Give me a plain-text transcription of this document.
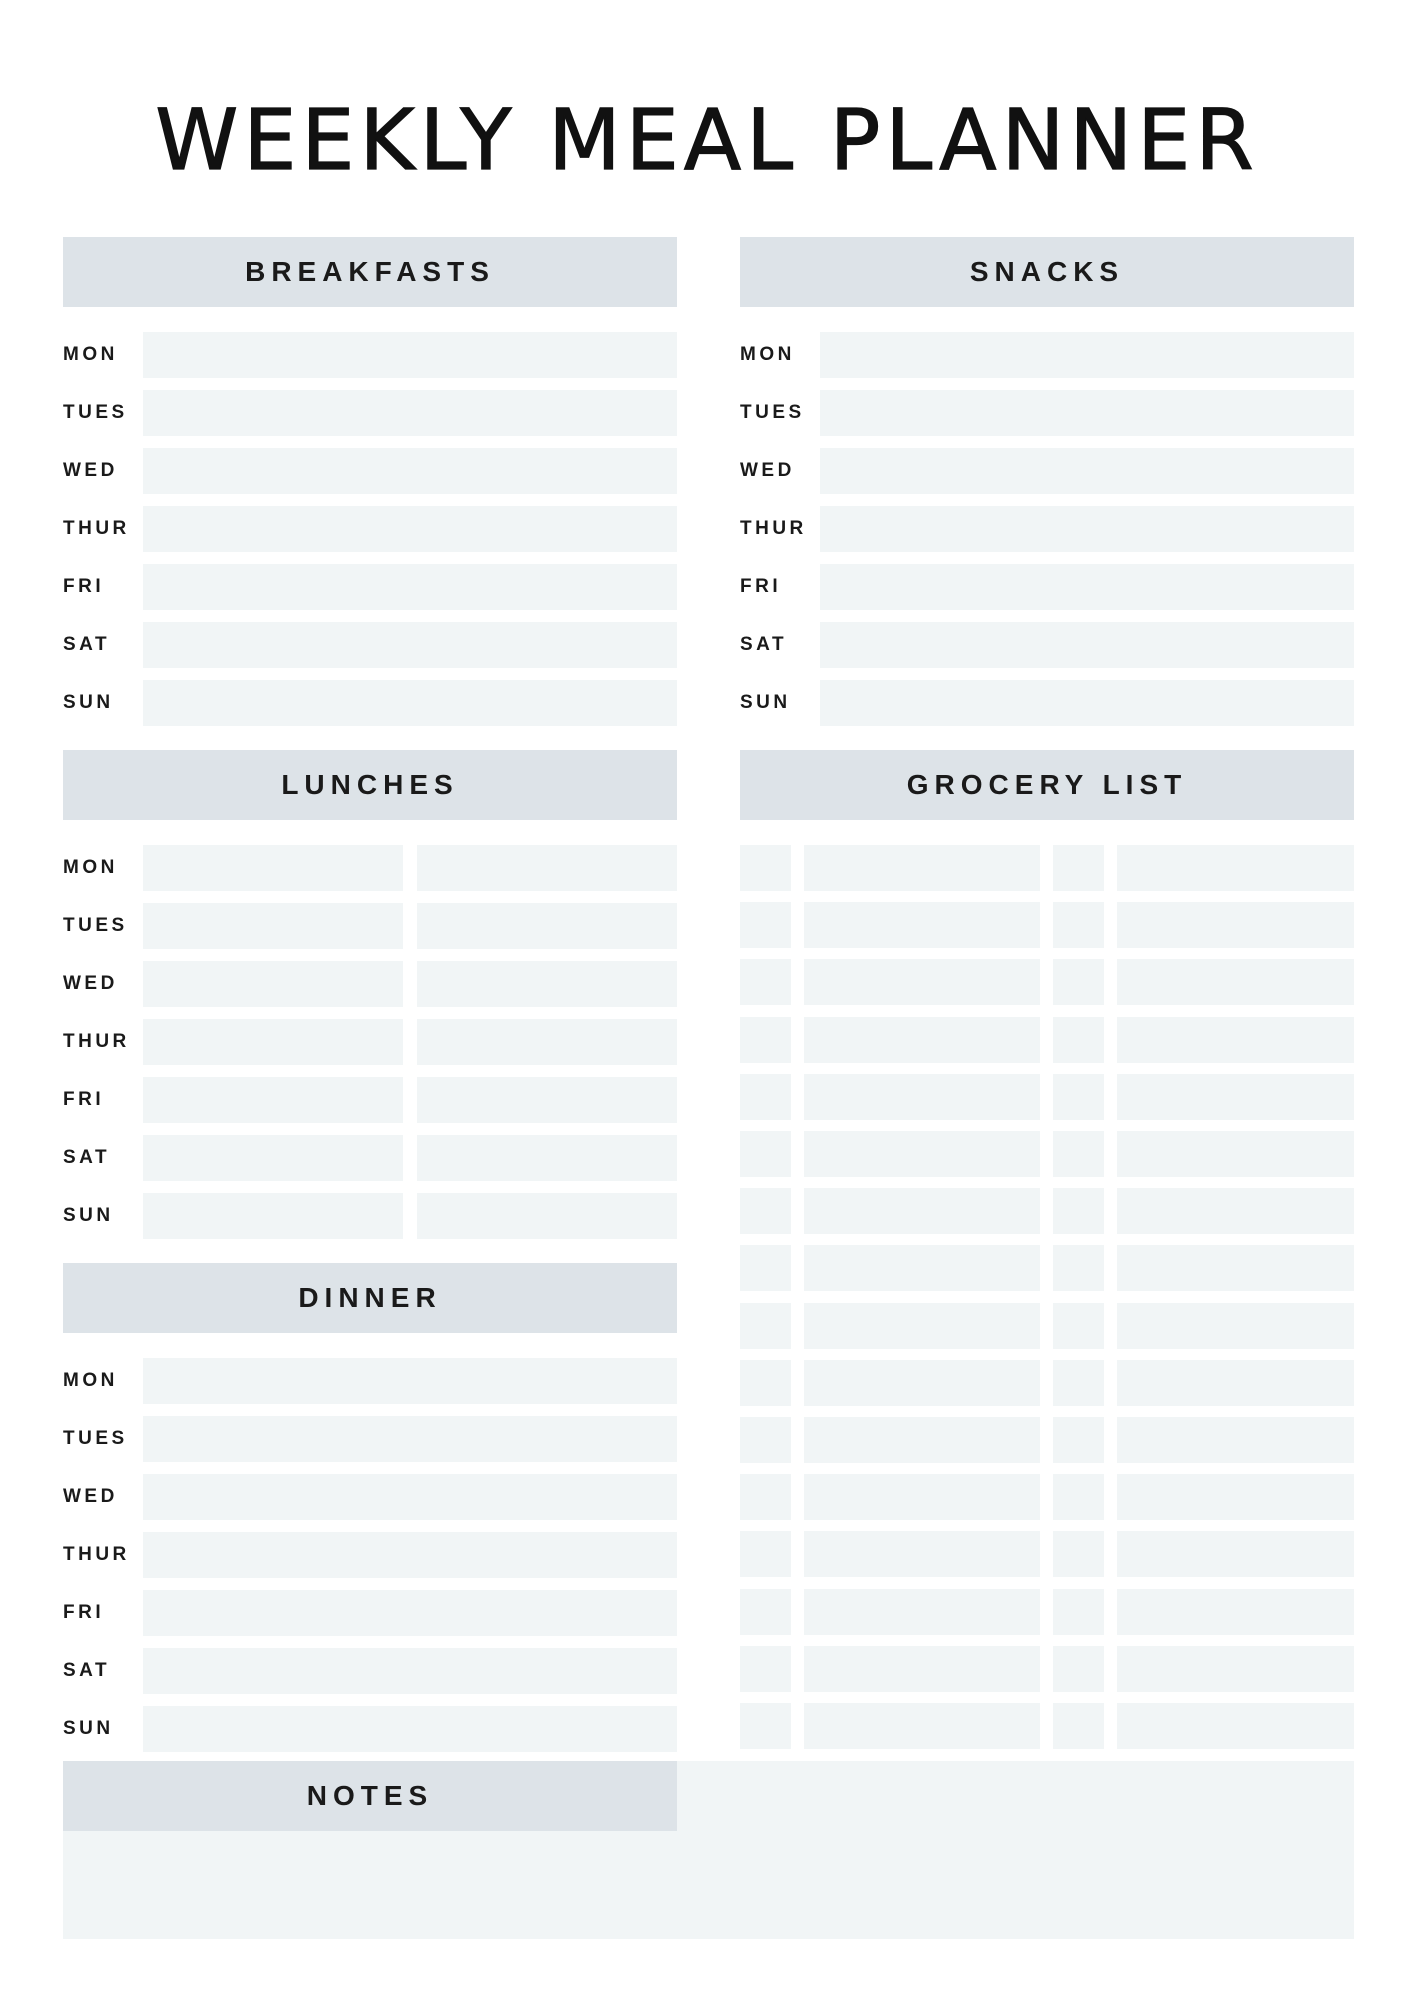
WEEKLY MEAL PLANNER
BREAKFASTS
MON
TUES
WED
THUR
FRI
SAT
SUN
LUNCHES
MON
TUES
WED
THUR
FRI
SAT
SUN
DINNER
MON
TUES
WED
THUR
FRI
SAT
SUN
SNACKS
MON
TUES
WED
THUR
FRI
SAT
SUN
GROCERY LIST
NOTES
